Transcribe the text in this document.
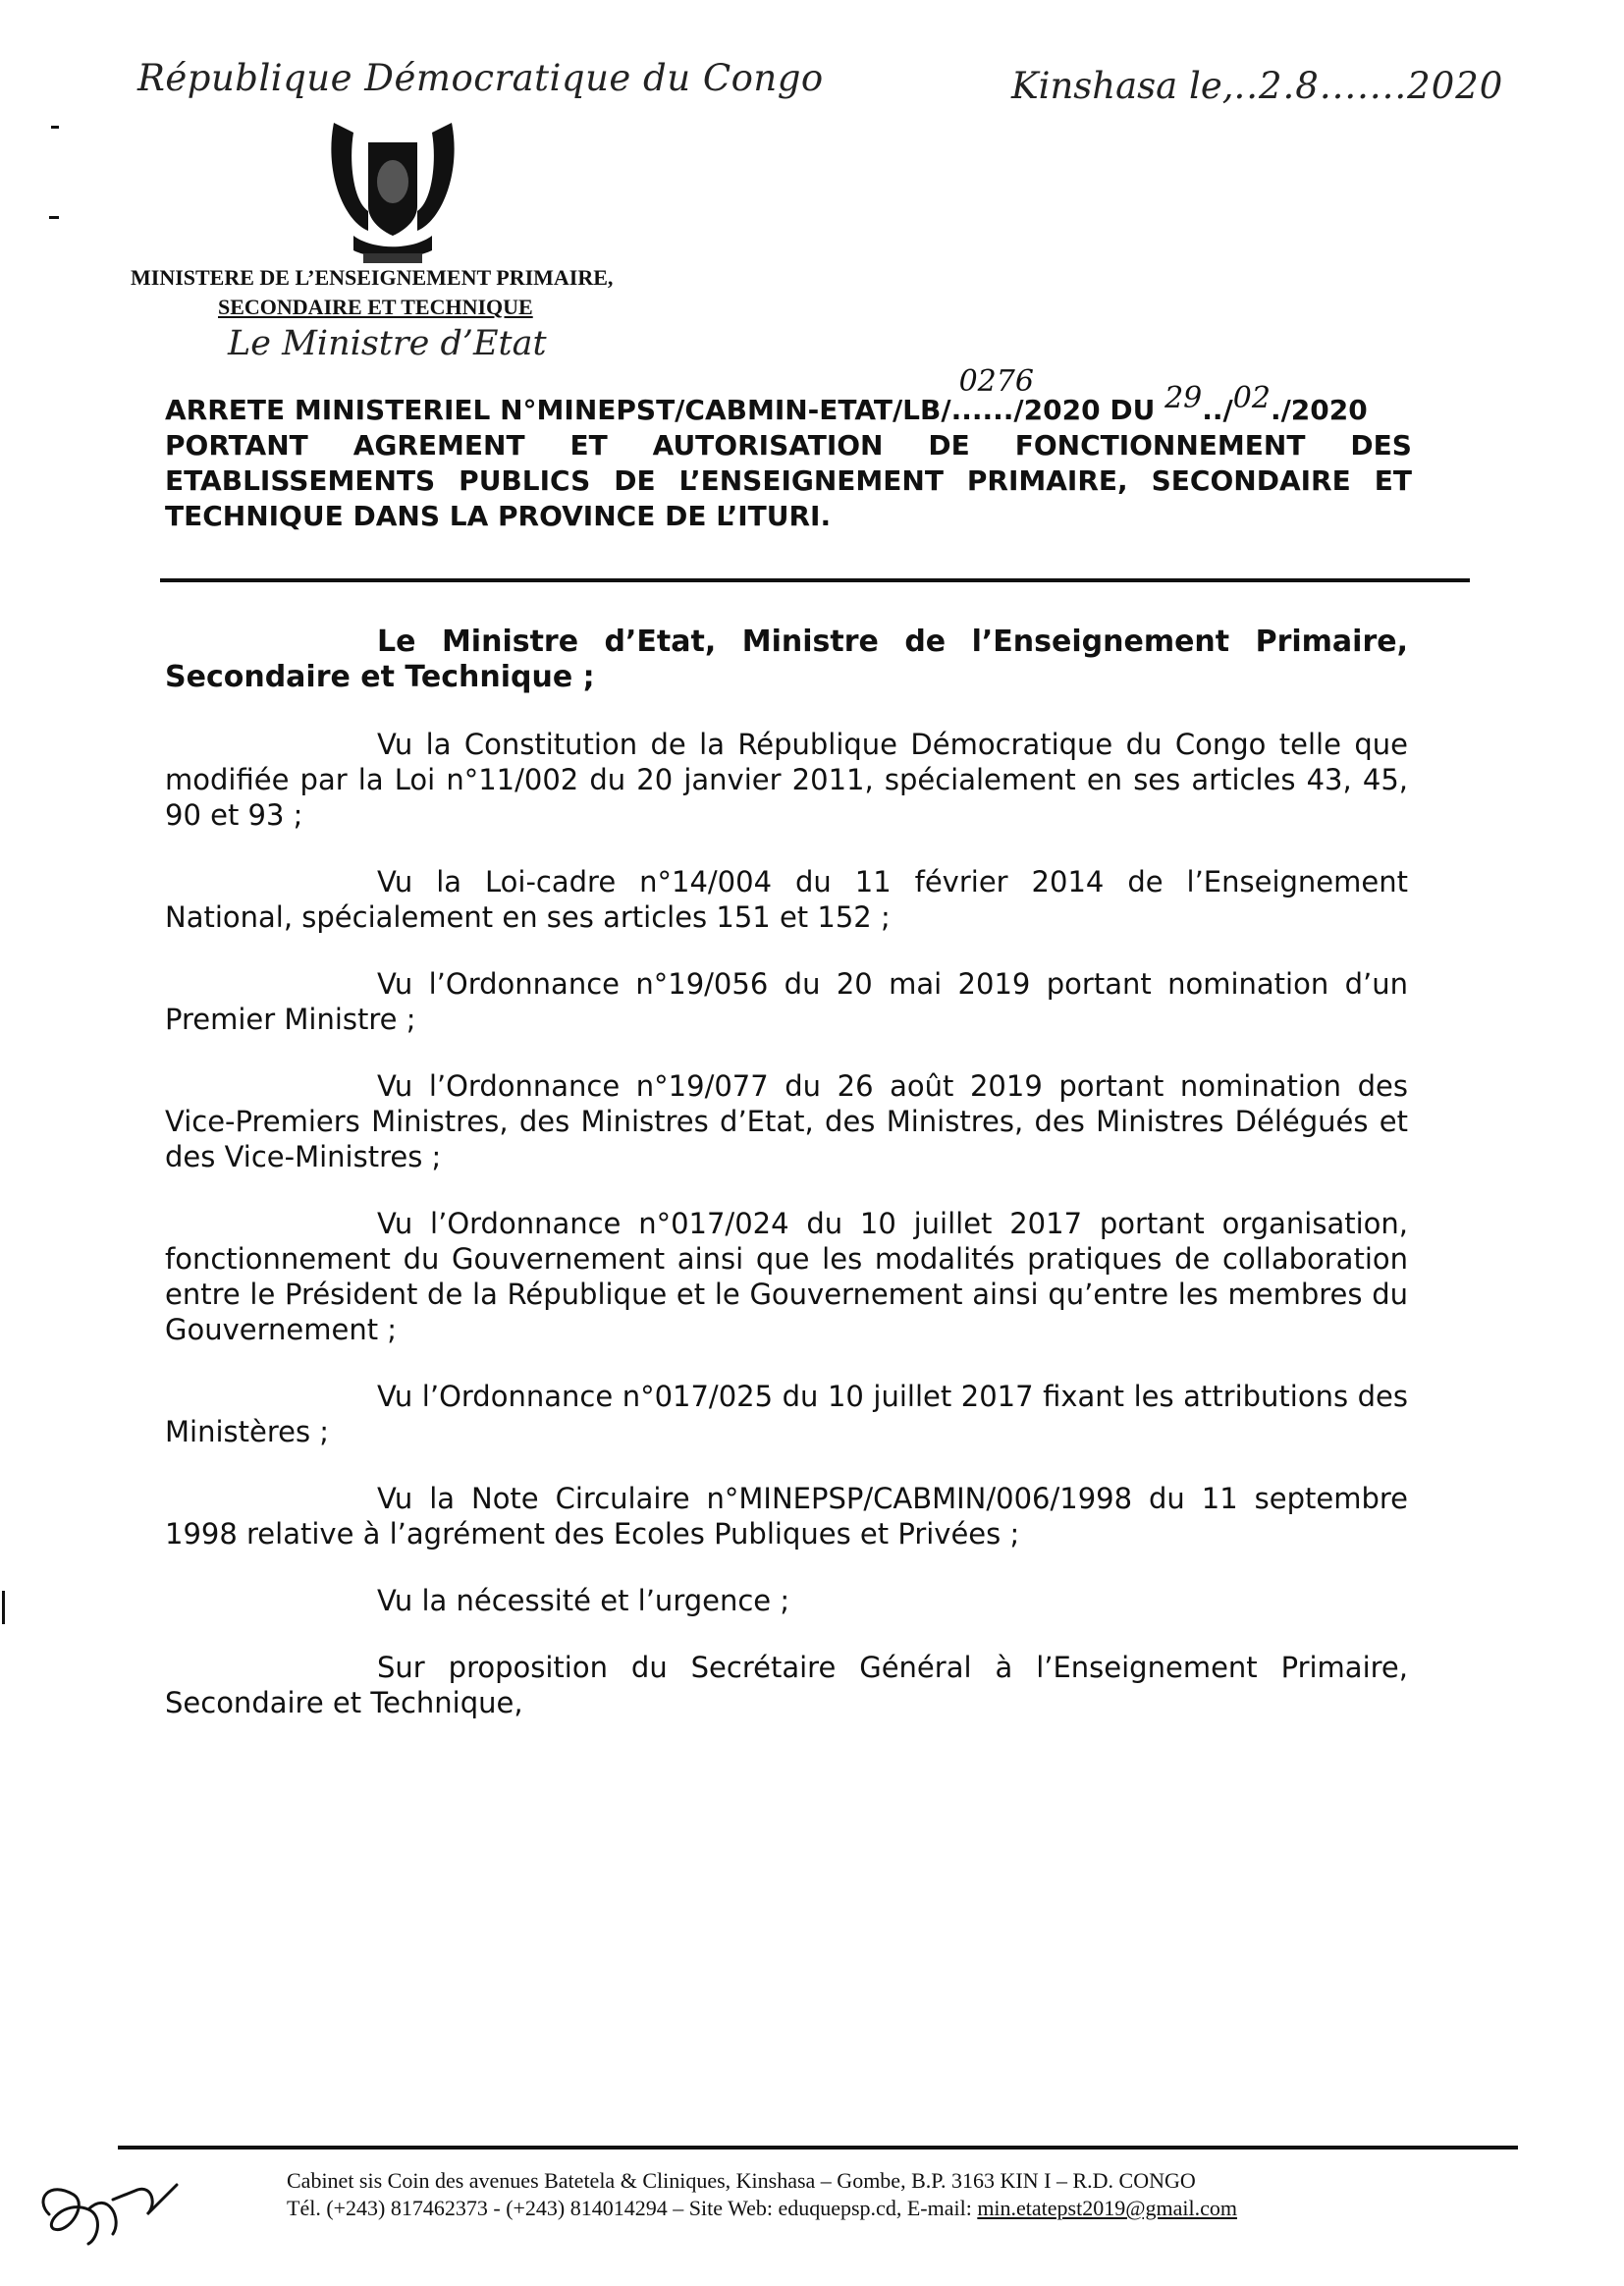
République Démocratique du Congo	Kinshasa le,..2.8.......2020
MINISTERE DE L’ENSEIGNEMENT PRIMAIRE,
SECONDAIRE ET TECHNIQUE
Le Ministre d’Etat
ARRETE MINISTERIEL N°MINEPST/CABMIN-ETAT/LB/
0276
....../2020 DU 29../02./2020
PORTANT AGREMENT ET AUTORISATION DE FONCTIONNEMENT DES
ETABLISSEMENTS PUBLICS DE L’ENSEIGNEMENT PRIMAIRE, SECONDAIRE ET
TECHNIQUE DANS LA PROVINCE DE L’ITURI.

Le Ministre d’Etat, Ministre de l’Enseignement Primaire, Secondaire et Technique ;

Vu la Constitution de la République Démocratique du Congo telle que modifiée par la Loi n°11/002 du 20 janvier 2011, spécialement en ses articles 43, 45, 90 et 93 ;

Vu la Loi-cadre n°14/004 du 11 février 2014 de l’Enseignement National, spécialement en ses articles 151 et 152 ;

Vu l’Ordonnance n°19/056 du 20 mai 2019 portant nomination d’un Premier Ministre ;

Vu l’Ordonnance n°19/077 du 26 août 2019 portant nomination des Vice-Premiers Ministres, des Ministres d’Etat, des Ministres, des Ministres Délégués et des Vice-Ministres ;

Vu l’Ordonnance n°017/024 du 10 juillet 2017 portant organisation, fonctionnement du Gouvernement ainsi que les modalités pratiques de collaboration entre le Président de la République et le Gouvernement ainsi qu’entre les membres du Gouvernement ;

Vu l’Ordonnance n°017/025 du 10 juillet 2017 fixant les attributions des Ministères ;

Vu la Note Circulaire n°MINEPSP/CABMIN/006/1998 du 11 septembre 1998 relative à l’agrément des Ecoles Publiques et Privées ;

Vu la nécessité et l’urgence ;

Sur proposition du Secrétaire Général à l’Enseignement Primaire, Secondaire et Technique,

Cabinet sis Coin des avenues Batetela & Cliniques, Kinshasa – Gombe, B.P. 3163 KIN I – R.D. CONGO
Tél. (+243) 817462373 - (+243) 814014294 – Site Web: eduquepsp.cd, E-mail: min.etatepst2019@gmail.com
